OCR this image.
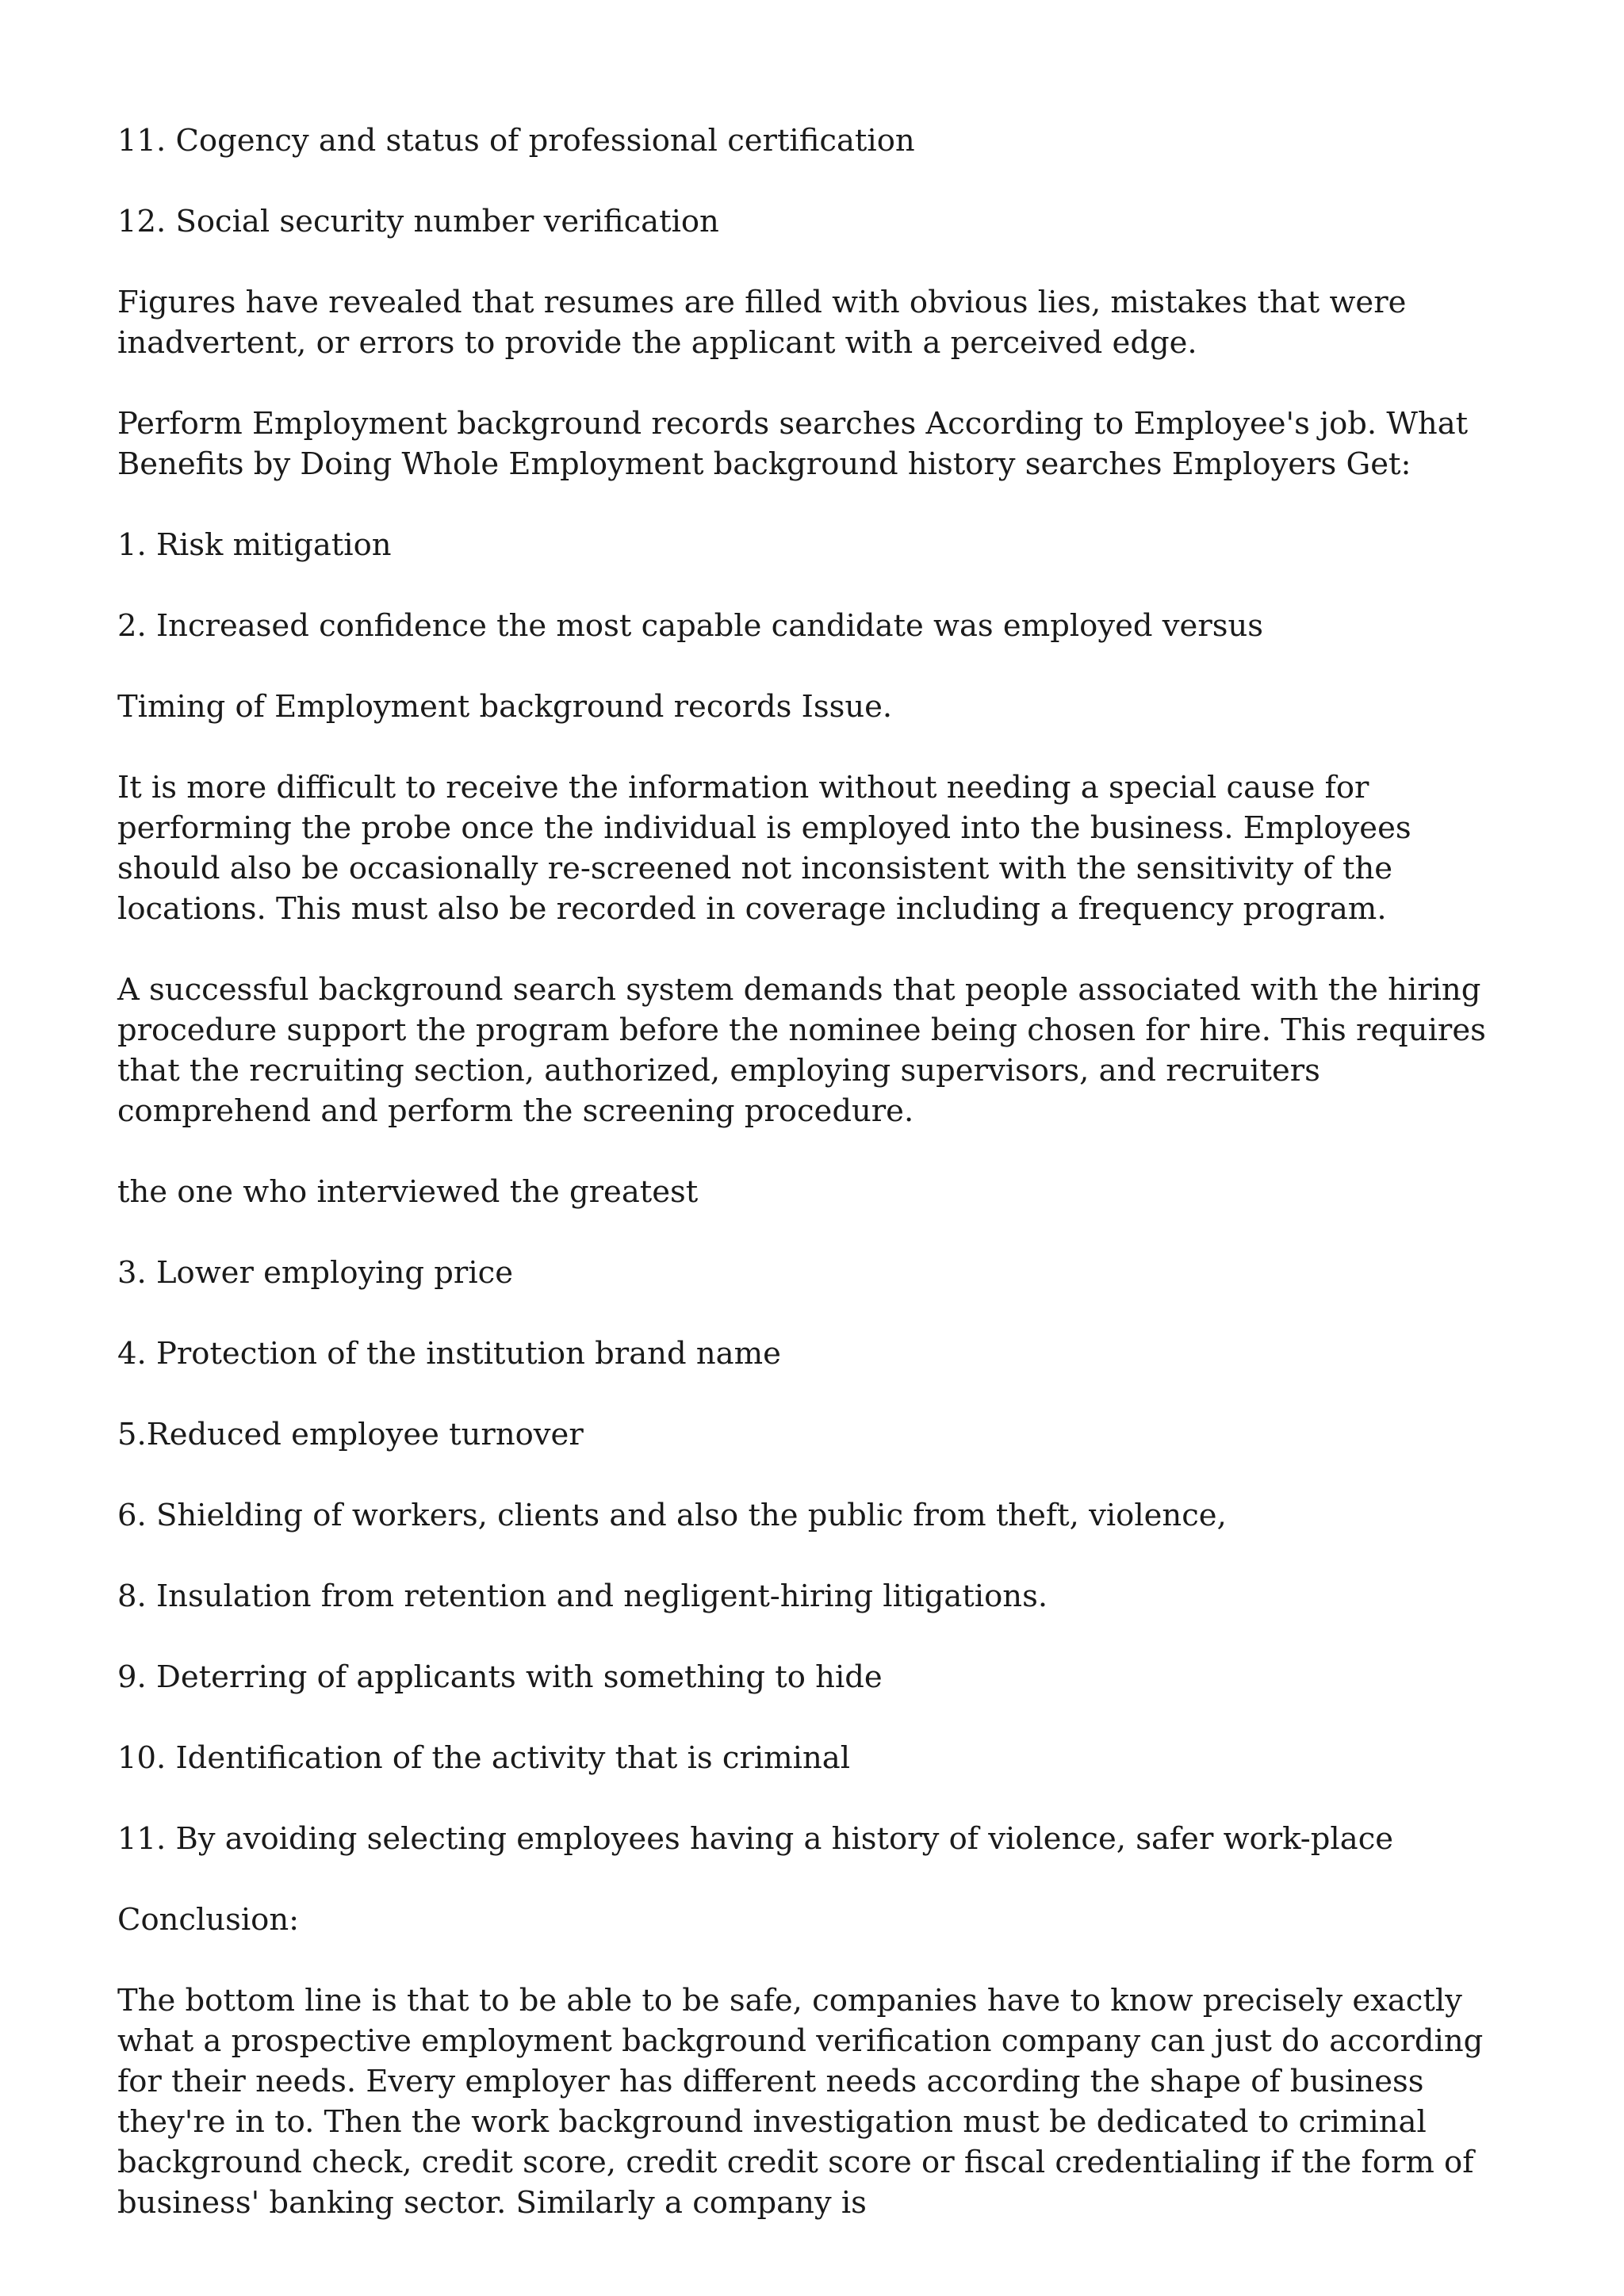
11. Cogency and status of professional certification

12. Social security number verification

Figures have revealed that resumes are filled with obvious lies, mistakes that were inadvertent, or errors to provide the applicant with a perceived edge.

Perform Employment background records searches According to Employee's job. What Benefits by Doing Whole Employment background history searches Employers Get:

1. Risk mitigation

2. Increased confidence the most capable candidate was employed versus

Timing of Employment background records Issue.

It is more difficult to receive the information without needing a special cause for performing the probe once the individual is employed into the business. Employees should also be occasionally re-screened not inconsistent with the sensitivity of the locations. This must also be recorded in coverage including a frequency program.

A successful background search system demands that people associated with the hiring procedure support the program before the nominee being chosen for hire. This requires that the recruiting section, authorized, employing supervisors, and recruiters comprehend and perform the screening procedure.

the one who interviewed the greatest

3. Lower employing price

4. Protection of the institution brand name

5.Reduced employee turnover

6. Shielding of workers, clients and also the public from theft, violence,

8. Insulation from retention and negligent-hiring litigations.

9. Deterring of applicants with something to hide

10. Identification of the activity that is criminal

11. By avoiding selecting employees having a history of violence, safer work-place

Conclusion:

The bottom line is that to be able to be safe, companies have to know precisely exactly what a prospective employment background verification company can just do according for their needs. Every employer has different needs according the shape of business they're in to. Then the work background investigation must be dedicated to criminal background check, credit score, credit credit score or fiscal credentialing if the form of business' banking sector. Similarly a company is
